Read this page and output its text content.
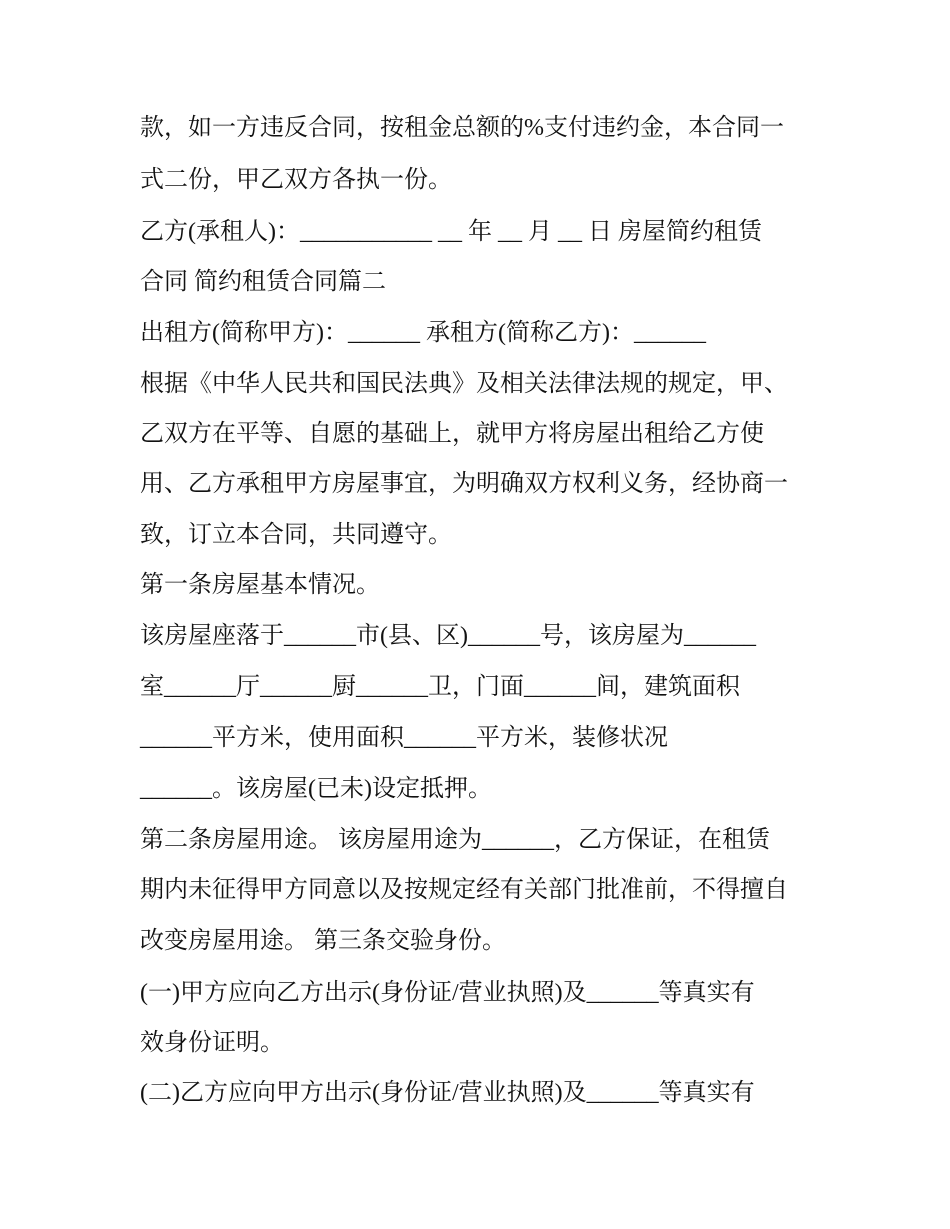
款，如一方违反合同，按租金总额的%支付违约金，本合同一
式二份，甲乙双方各执一份。
乙方(承租人)：___________ __ 年 __ 月 __ 日 房屋简约租赁
合同 简约租赁合同篇二
出租方(简称甲方)：______ 承租方(简称乙方)：______
根据《中华人民共和国民法典》及相关法律法规的规定，甲、
乙双方在平等、自愿的基础上，就甲方将房屋出租给乙方使
用、乙方承租甲方房屋事宜，为明确双方权利义务，经协商一
致，订立本合同，共同遵守。
第一条房屋基本情况。
该房屋座落于______市(县、区)______号，该房屋为______
室______厅______厨______卫，门面______间，建筑面积
______平方米，使用面积______平方米，装修状况
______。该房屋(已未)设定抵押。
第二条房屋用途。 该房屋用途为______，乙方保证，在租赁
期内未征得甲方同意以及按规定经有关部门批准前，不得擅自
改变房屋用途。 第三条交验身份。
(一)甲方应向乙方出示(身份证/营业执照)及______等真实有
效身份证明。
(二)乙方应向甲方出示(身份证/营业执照)及______等真实有
